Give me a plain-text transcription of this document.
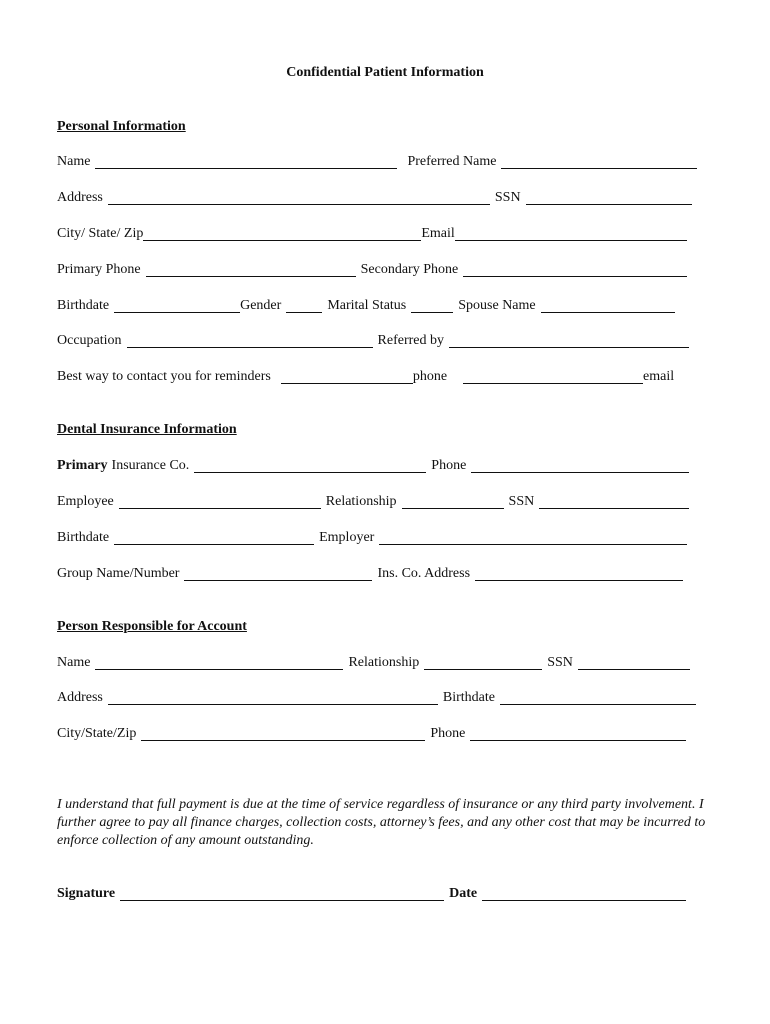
Confidential Patient Information
Personal Information
Name	Preferred Name
Address	SSN
City/ State/ Zip	Email
Primary Phone	Secondary Phone
Birthdate	Gender	Marital Status	Spouse Name
Occupation	Referred by
Best way to contact you for reminders	phone	email
Dental Insurance Information
Primary Insurance Co.	Phone
Employee	Relationship	SSN
Birthdate	Employer
Group Name/Number	Ins. Co. Address
Person Responsible for Account
Name	Relationship	SSN
Address	Birthdate
City/State/Zip	Phone
I understand that full payment is due at the time of service regardless of insurance or any third party involvement. I further agree to pay all finance charges, collection costs, attorney’s fees, and any other cost that may be incurred to enforce collection of any amount outstanding.
Signature	Date
